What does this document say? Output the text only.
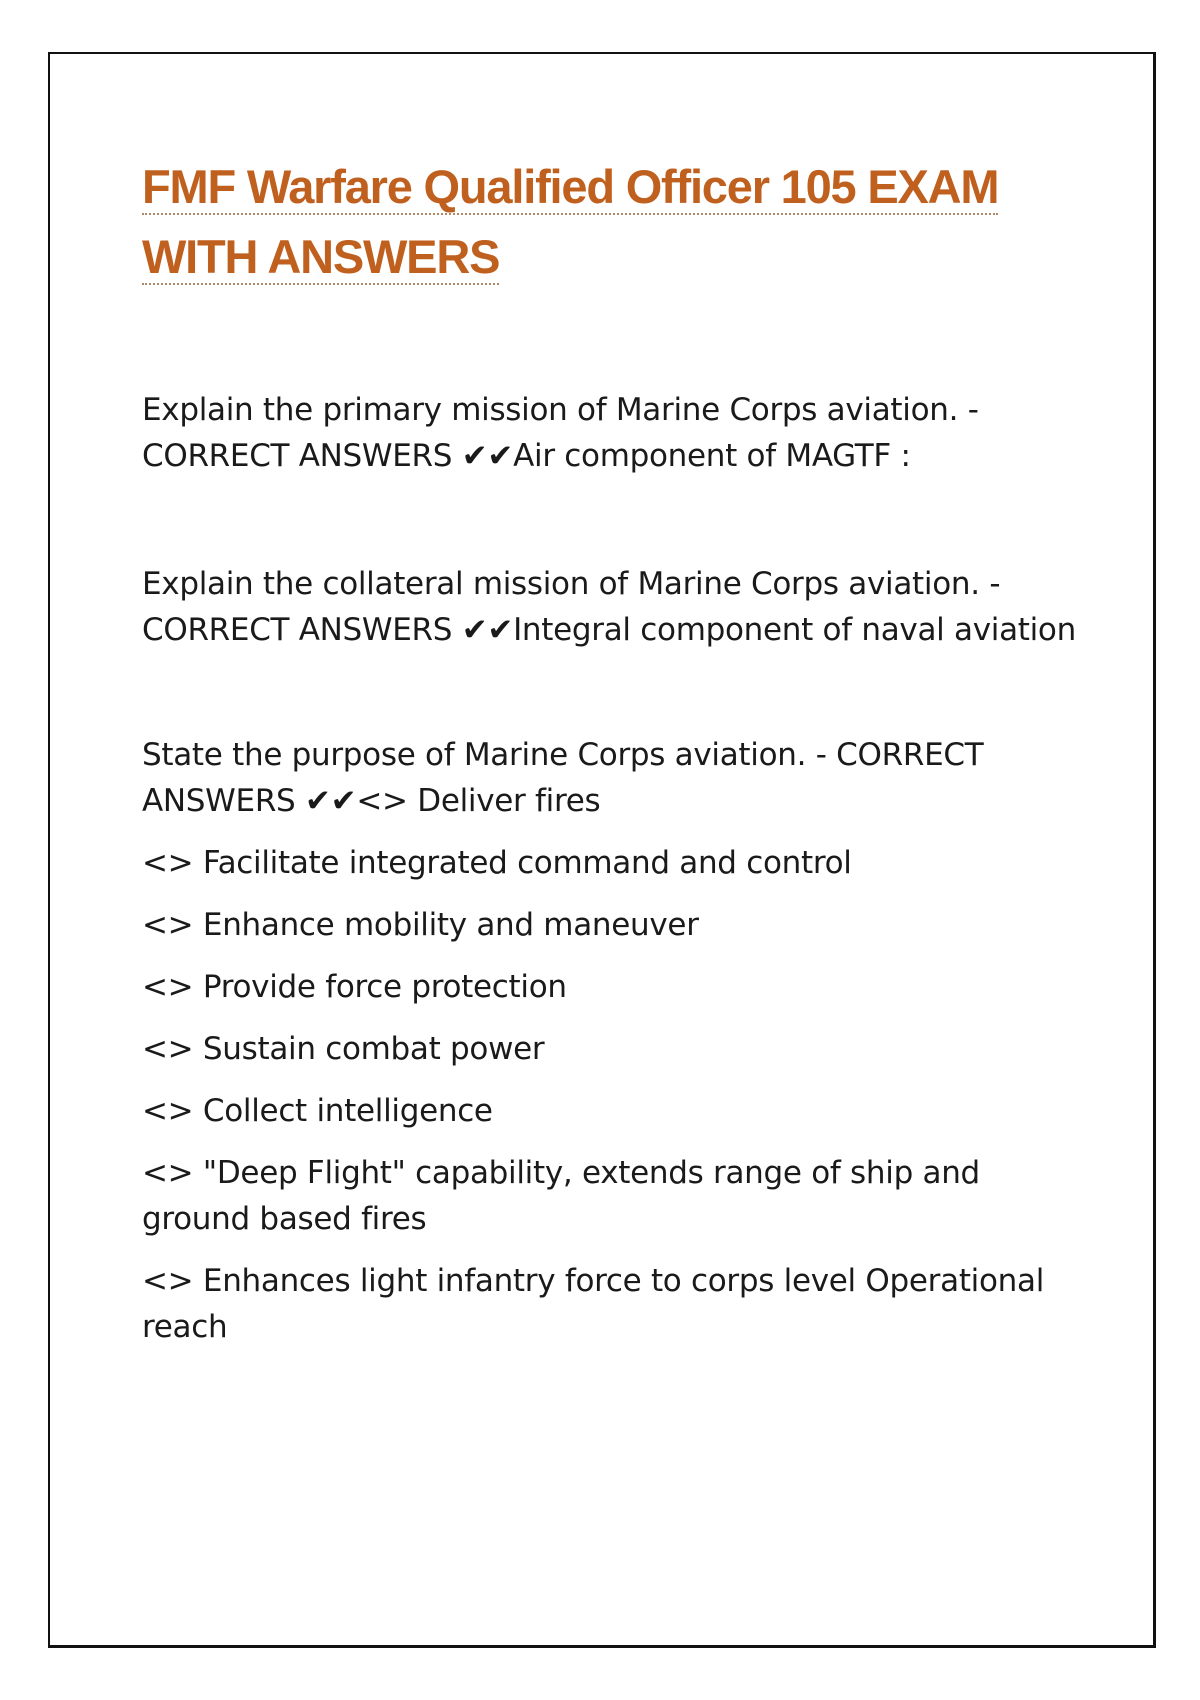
FMF Warfare Qualified Officer 105 EXAM
WITH ANSWERS

Explain the primary mission of Marine Corps aviation. - CORRECT ANSWERS ✔✔Air component of MAGTF :

Explain the collateral mission of Marine Corps aviation. - CORRECT ANSWERS ✔✔Integral component of naval aviation

State the purpose of Marine Corps aviation. - CORRECT ANSWERS ✔✔<> Deliver fires

<> Facilitate integrated command and control

<> Enhance mobility and maneuver

<> Provide force protection

<> Sustain combat power

<> Collect intelligence

<> "Deep Flight" capability, extends range of ship and ground based fires

<> Enhances light infantry force to corps level Operational reach
